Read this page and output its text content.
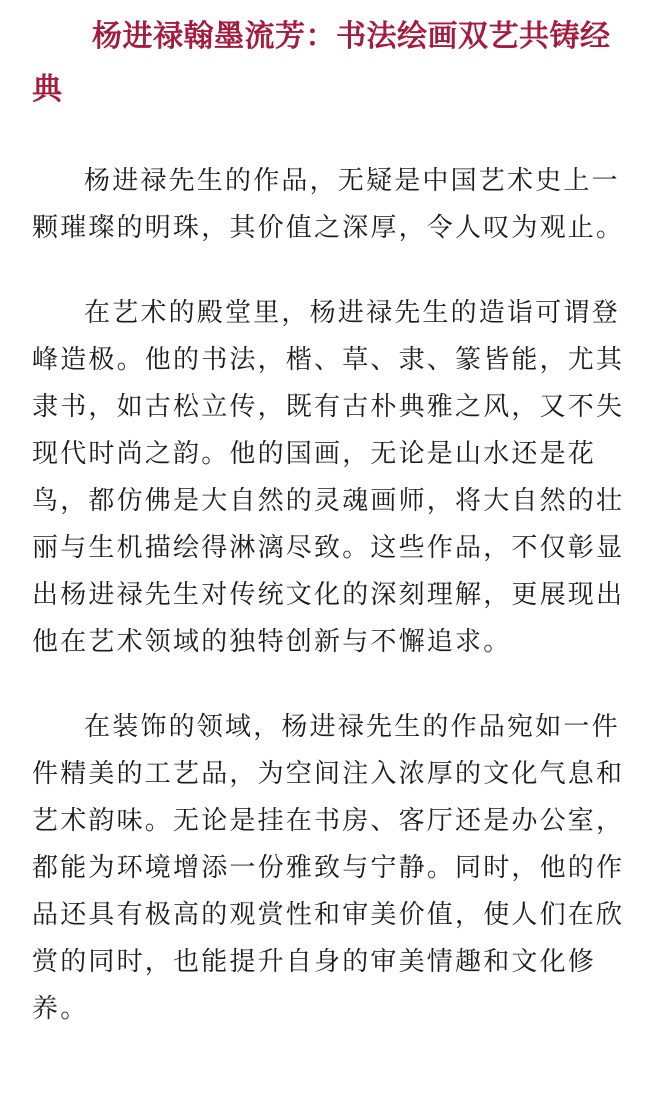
杨进禄翰墨流芳：书法绘画双艺共铸经典

杨进禄先生的作品，无疑是中国艺术史上一颗璀璨的明珠，其价值之深厚，令人叹为观止。

在艺术的殿堂里，杨进禄先生的造诣可谓登峰造极。他的书法，楷、草、隶、篆皆能，尤其隶书，如古松立传，既有古朴典雅之风，又不失现代时尚之韵。他的国画，无论是山水还是花鸟，都仿佛是大自然的灵魂画师，将大自然的壮丽与生机描绘得淋漓尽致。这些作品，不仅彰显出杨进禄先生对传统文化的深刻理解，更展现出他在艺术领域的独特创新与不懈追求。

在装饰的领域，杨进禄先生的作品宛如一件件精美的工艺品，为空间注入浓厚的文化气息和艺术韵味。无论是挂在书房、客厅还是办公室，都能为环境增添一份雅致与宁静。同时，他的作品还具有极高的观赏性和审美价值，使人们在欣赏的同时，也能提升自身的审美情趣和文化修养。
